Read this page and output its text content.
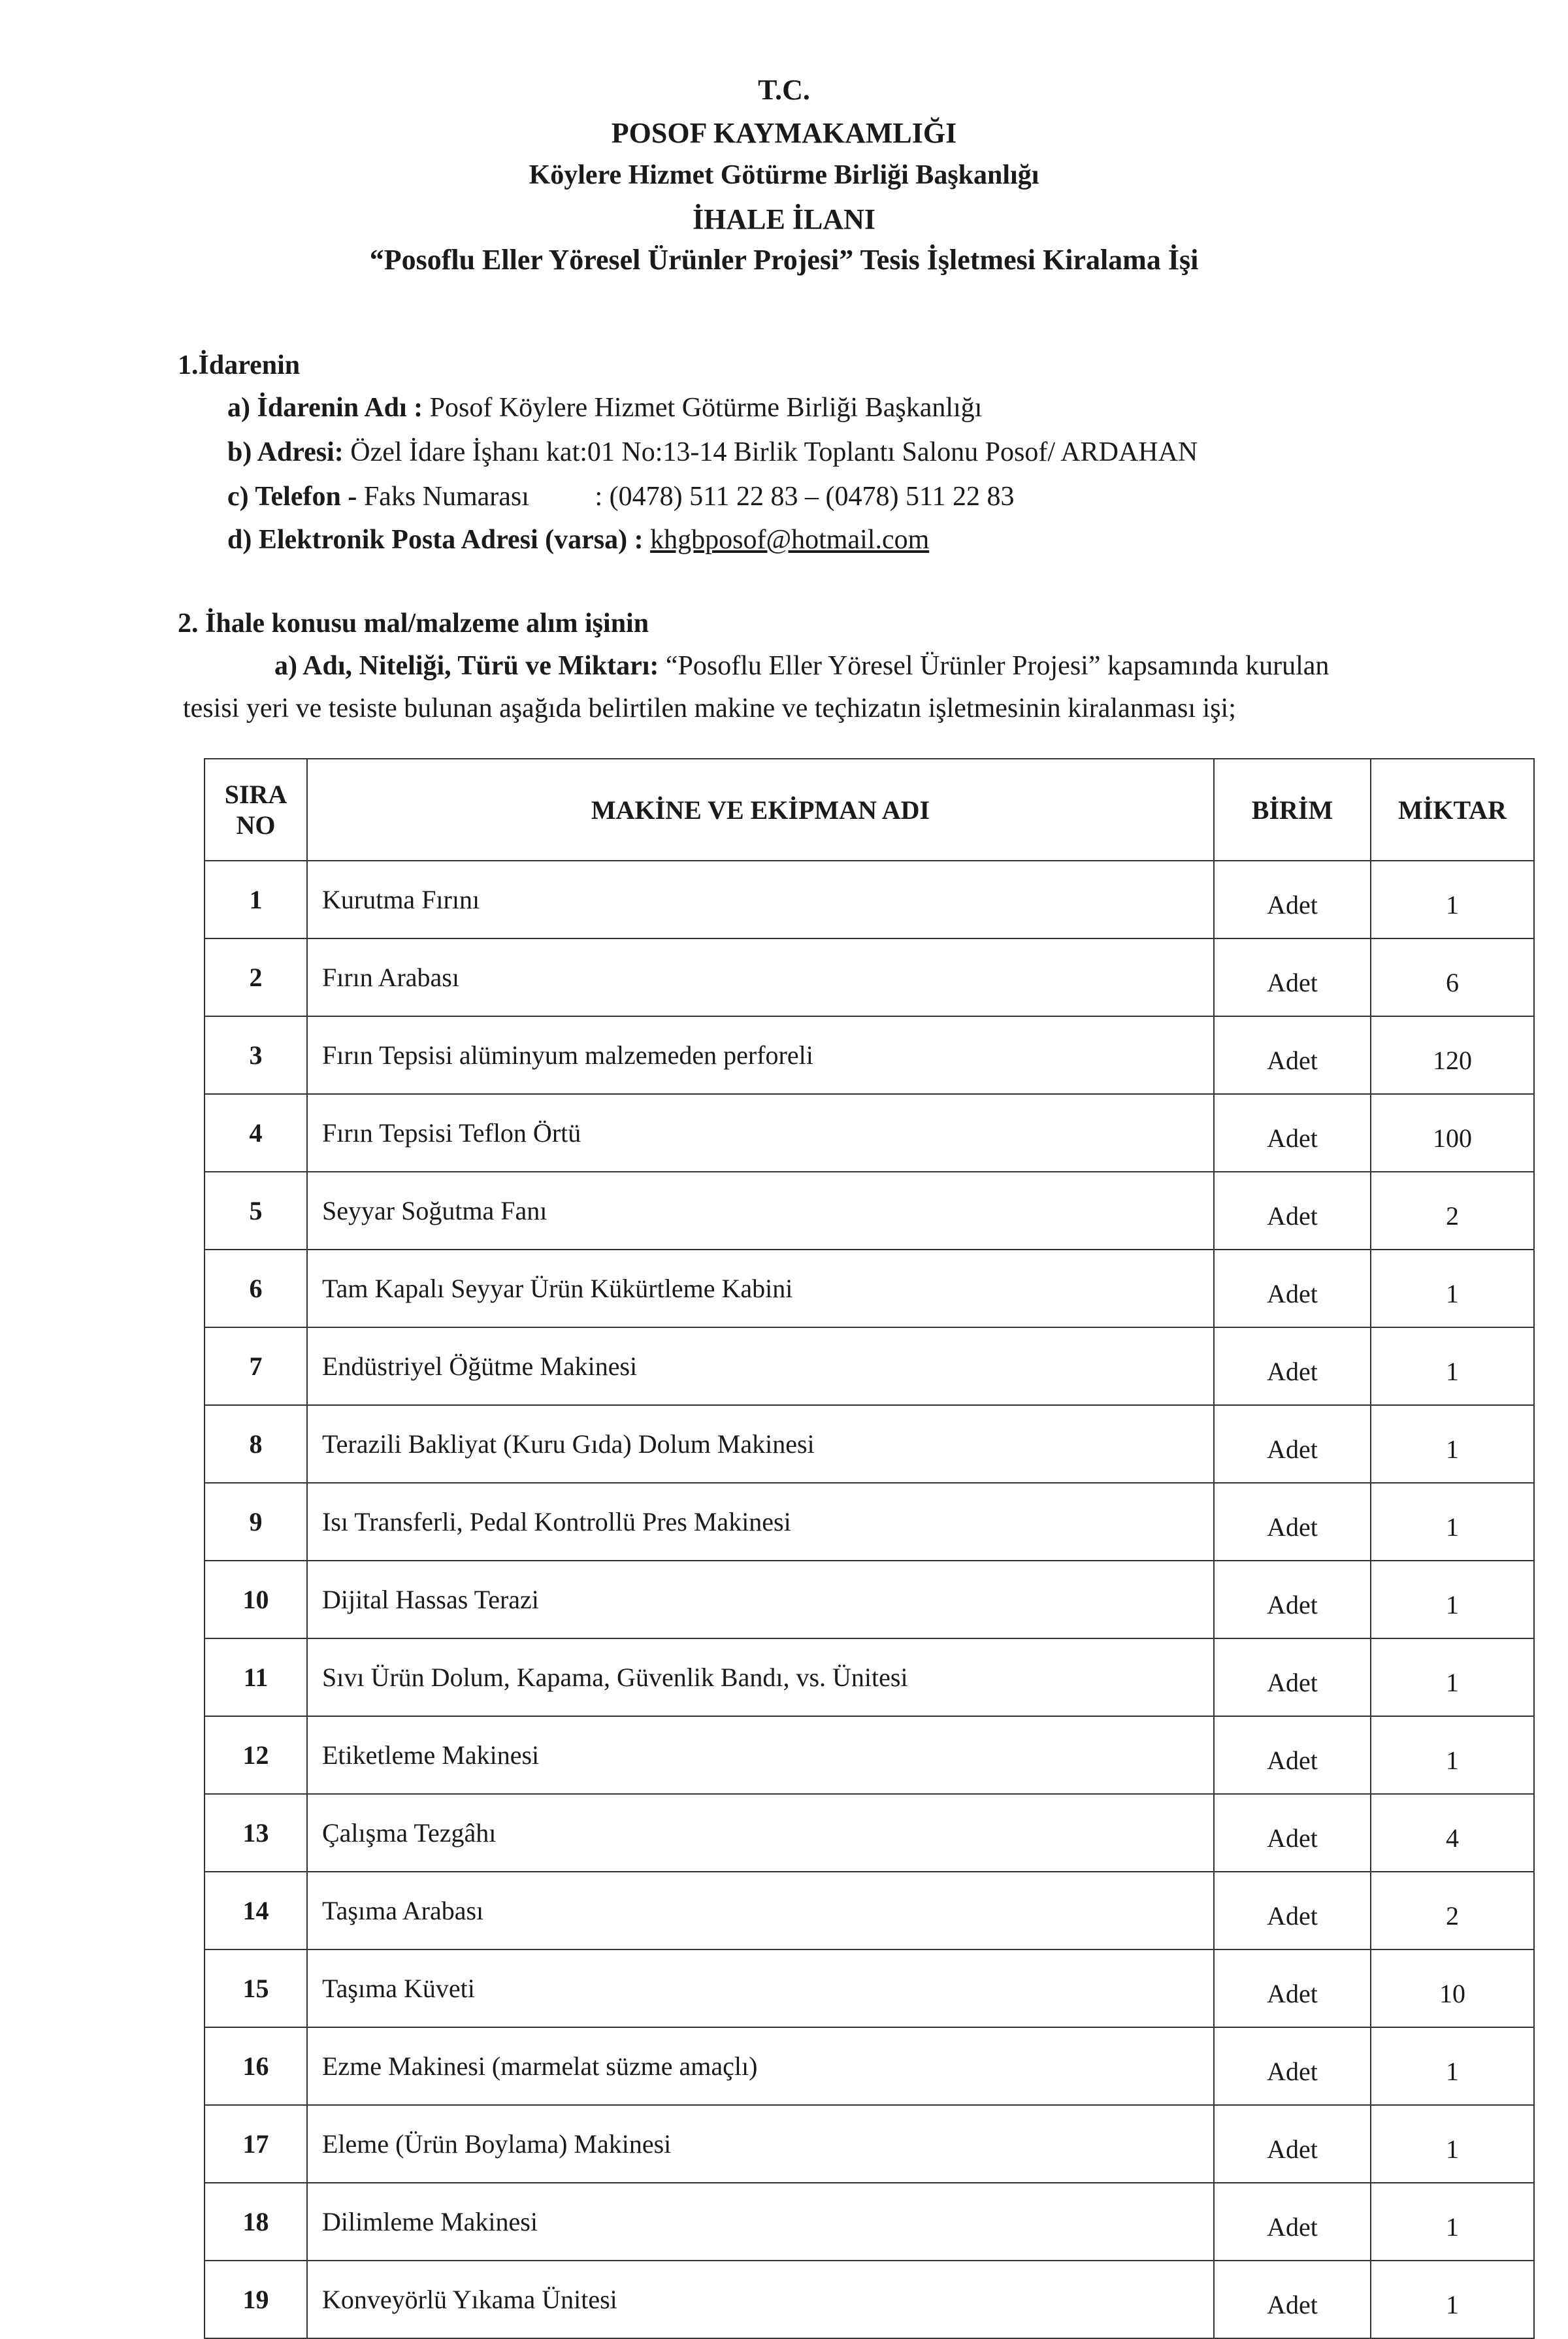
T.C.
POSOF KAYMAKAMLIĞI
Köylere Hizmet Götürme Birliği Başkanlığı
İHALE İLANI
“Posoflu Eller Yöresel Ürünler Projesi” Tesis İşletmesi Kiralama İşi
1.İdarenin
a) İdarenin Adı : Posof Köylere Hizmet Götürme Birliği Başkanlığı
b) Adresi: Özel İdare İşhanı kat:01 No:13-14 Birlik Toplantı Salonu Posof/ ARDAHAN
c) Telefon - Faks Numarası : (0478) 511 22 83 – (0478) 511 22 83
d) Elektronik Posta Adresi (varsa) : khgbposof@hotmail.com
2. İhale konusu mal/malzeme alım işinin
a) Adı, Niteliği, Türü ve Miktarı: “Posoflu Eller Yöresel Ürünler Projesi” kapsamında kurulan
tesisi yeri ve tesiste bulunan aşağıda belirtilen makine ve teçhizatın işletmesinin kiralanması işi;
SIRA
NO	MAKİNE VE EKİPMAN ADI	BİRİM	MİKTAR
1	Kurutma Fırını	Adet	1
2	Fırın Arabası	Adet	6
3	Fırın Tepsisi alüminyum malzemeden perforeli	Adet	120
4	Fırın Tepsisi Teflon Örtü	Adet	100
5	Seyyar Soğutma Fanı	Adet	2
6	Tam Kapalı Seyyar Ürün Kükürtleme Kabini	Adet	1
7	Endüstriyel Öğütme Makinesi	Adet	1
8	Terazili Bakliyat (Kuru Gıda) Dolum Makinesi	Adet	1
9	Isı Transferli, Pedal Kontrollü Pres Makinesi	Adet	1
10	Dijital Hassas Terazi	Adet	1
11	Sıvı Ürün Dolum, Kapama, Güvenlik Bandı, vs. Ünitesi	Adet	1
12	Etiketleme Makinesi	Adet	1
13	Çalışma Tezgâhı	Adet	4
14	Taşıma Arabası	Adet	2
15	Taşıma Küveti	Adet	10
16	Ezme Makinesi (marmelat süzme amaçlı)	Adet	1
17	Eleme (Ürün Boylama) Makinesi	Adet	1
18	Dilimleme Makinesi	Adet	1
19	Konveyörlü Yıkama Ünitesi	Adet	1
